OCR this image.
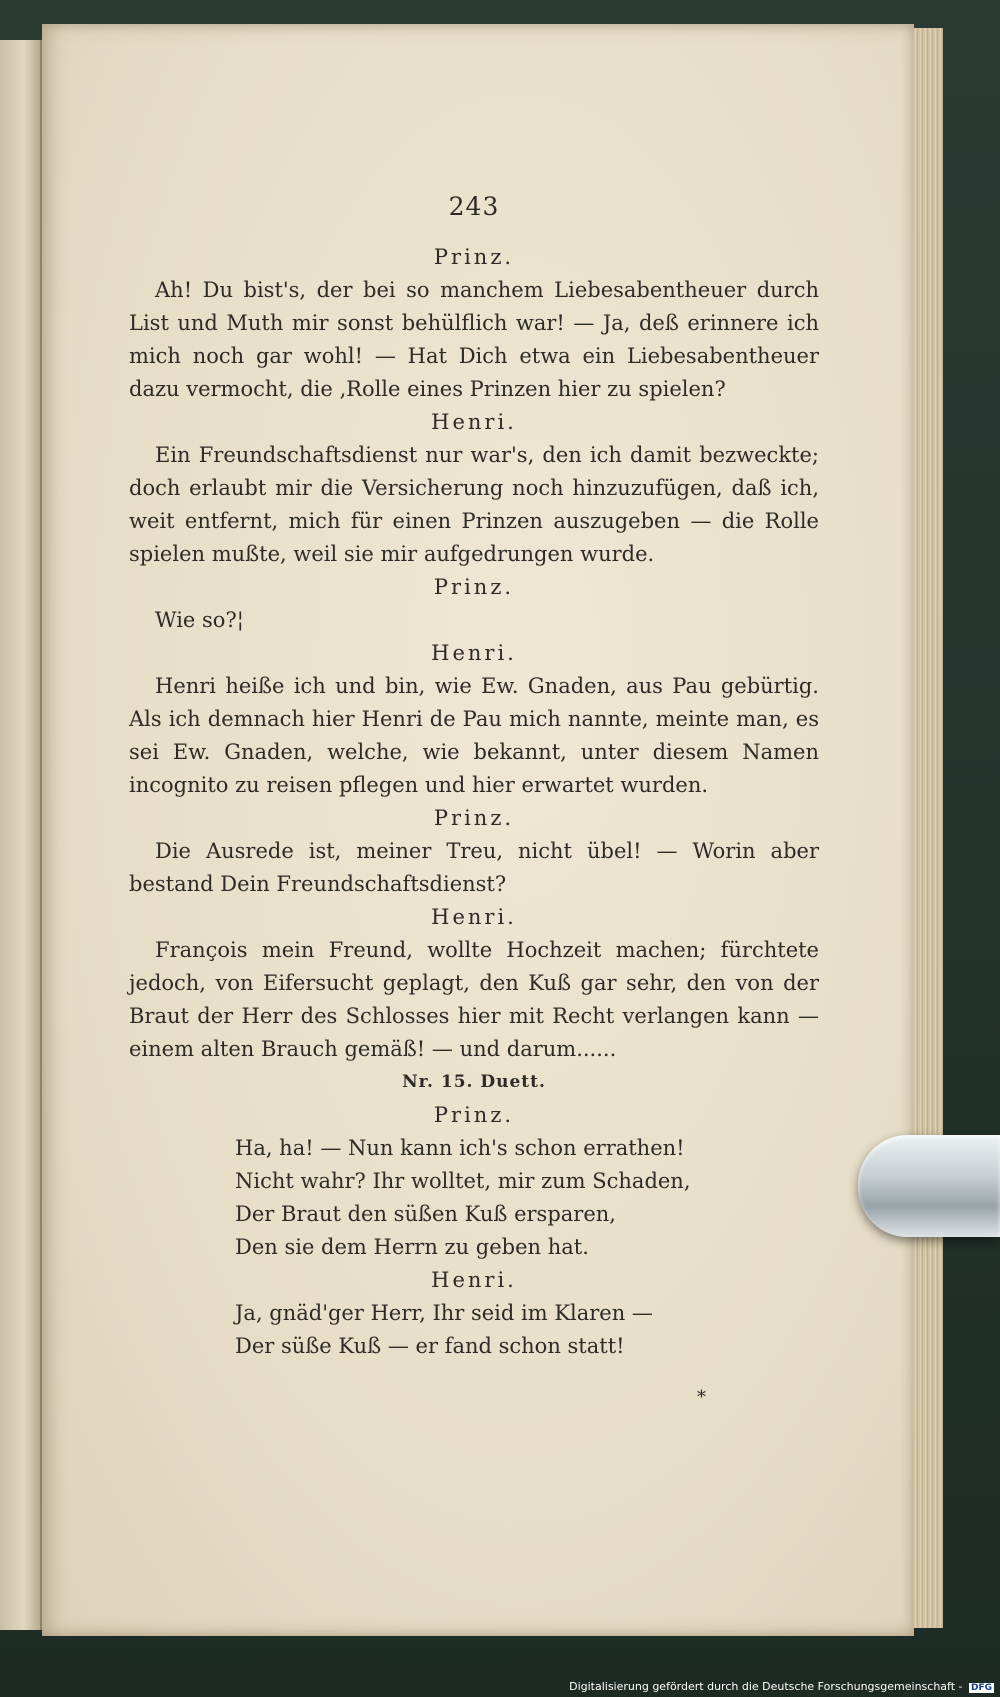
243
Prinz.

Ah! Du bist's, der bei so manchem Liebesabentheuer durch List und Muth mir sonst behülflich war! — Ja, deß erinnere ich mich noch gar wohl! — Hat Dich etwa ein Liebesabentheuer dazu vermocht, die ‚Rolle eines Prinzen hier zu spielen?

Henri.

Ein Freundschaftsdienst nur war's, den ich damit bezweckte; doch erlaubt mir die Versicherung noch hinzuzufügen, daß ich, weit entfernt, mich für einen Prinzen auszugeben — die Rolle spielen mußte, weil sie mir aufgedrungen wurde.

Prinz.

Wie so?¦

Henri.

Henri heiße ich und bin, wie Ew. Gnaden, aus Pau gebürtig. Als ich demnach hier Henri de Pau mich nannte, meinte man, es sei Ew. Gnaden, welche, wie bekannt, unter diesem Namen incognito zu reisen pflegen und hier erwartet wurden.

Prinz.

Die Ausrede ist, meiner Treu, nicht übel! — Worin aber bestand Dein Freundschaftsdienst?

Henri.

François mein Freund, wollte Hochzeit machen; fürchtete jedoch, von Eifersucht geplagt, den Kuß gar sehr, den von der Braut der Herr des Schlosses hier mit Recht verlangen kann — einem alten Brauch gemäß! — und darum......

Nr. 15. Duett.
Prinz.
Ha, ha! — Nun kann ich's schon errathen!
Nicht wahr? Ihr wolltet, mir zum Schaden,
Der Braut den süßen Kuß ersparen,
Den sie dem Herrn zu geben hat.
Henri.
Ja, gnäd'ger Herr, Ihr seid im Klaren —
Der süße Kuß — er fand schon statt!
*
Digitalisierung gefördert durch die Deutsche Forschungsgemeinschaft - DFG
